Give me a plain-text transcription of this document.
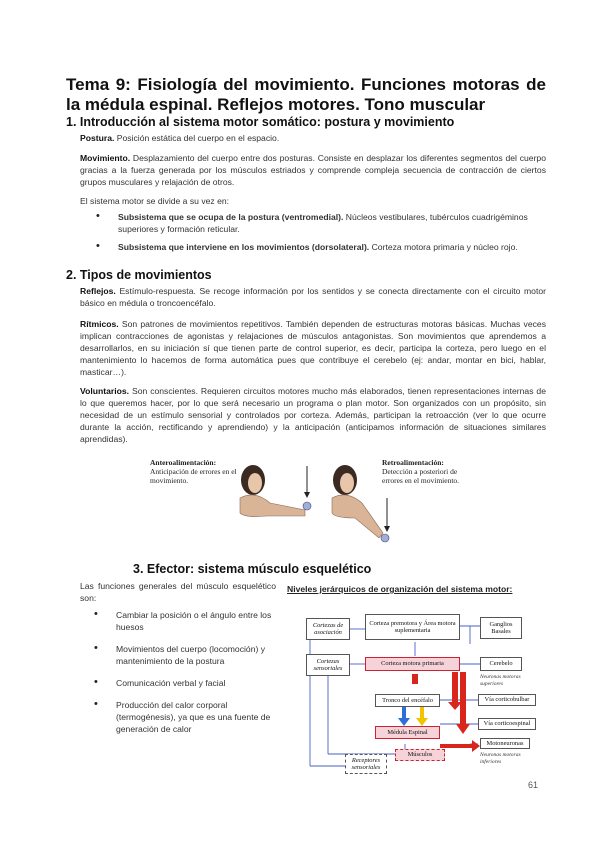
Tema 9: Fisiología del movimiento. Funciones motoras de la médula espinal. Reflejos motores. Tono muscular
1. Introducción al sistema motor somático: postura y movimiento
Postura. Posición estática del cuerpo en el espacio.
Movimiento. Desplazamiento del cuerpo entre dos posturas. Consiste en desplazar los diferentes segmentos del cuerpo gracias a la fuerza generada por los músculos estriados y comprende compleja secuencia de contracción de ciertos grupos musculares y relajación de otros.
El sistema motor se divide a su vez en:
• Subsistema que se ocupa de la postura (ventromedial). Núcleos vestibulares, tubérculos cuadrigéminos superiores y formación reticular.
• Subsistema que interviene en los movimientos (dorsolateral). Corteza motora primaria y núcleo rojo.
2. Tipos de movimientos
Reflejos. Estímulo-respuesta. Se recoge información por los sentidos y se conecta directamente con el circuito motor básico en médula o troncoencéfalo.
Rítmicos. Son patrones de movimientos repetitivos. También dependen de estructuras motoras básicas. Muchas veces implican contracciones de agonistas y relajaciones de músculos antagonistas. Son movimientos que aprendemos a desarrollarlos, en su iniciación sí que tienen parte de control superior, es decir, participa la corteza, pero luego en el mantenimiento lo hacemos de forma automática pues que contribuye el cerebelo (ej: andar, montar en bici, hablar, masticar…).
Voluntarios. Son conscientes. Requieren circuitos motores mucho más elaborados, tienen representaciones internas de lo que queremos hacer, por lo que será necesario un programa o plan motor. Son organizados con un propósito, sin necesidad de un estímulo sensorial y controlados por corteza. Además, participan la retroacción (ver lo que ocurre durante la acción, rectificando y aprendiendo) y la anticipación (anticipamos información de situaciones similares aprendidas).
Anteroalimentación:
Anticipación de errores en el movimiento.
Retroalimentación:
Detección a posteriori de errores en el movimiento.
3. Efector: sistema músculo esquelético
Las funciones generales del músculo esquelético son:
• Cambiar la posición o el ángulo entre los huesos
• Movimientos del cuerpo (locomoción) y mantenimiento de la postura
• Comunicación verbal y facial
• Producción del calor corporal (termogénesis), ya que es una fuente de generación de calor
Niveles jerárquicos de organización del sistema motor:
Cortezas de asociación
Corteza premotora y Área motora suplementaria
Ganglios Basales
Cortezas sensoriales
Corteza motora primaria	Cerebelo
Neuronas motoras superiores
Tronco del encéfalo	Vía corticobulbar
Vía corticoespinal
Médula Espinal
Motoneuronas
Neuronas motoras inferiores
Músculos
Receptores sensoriales
61
